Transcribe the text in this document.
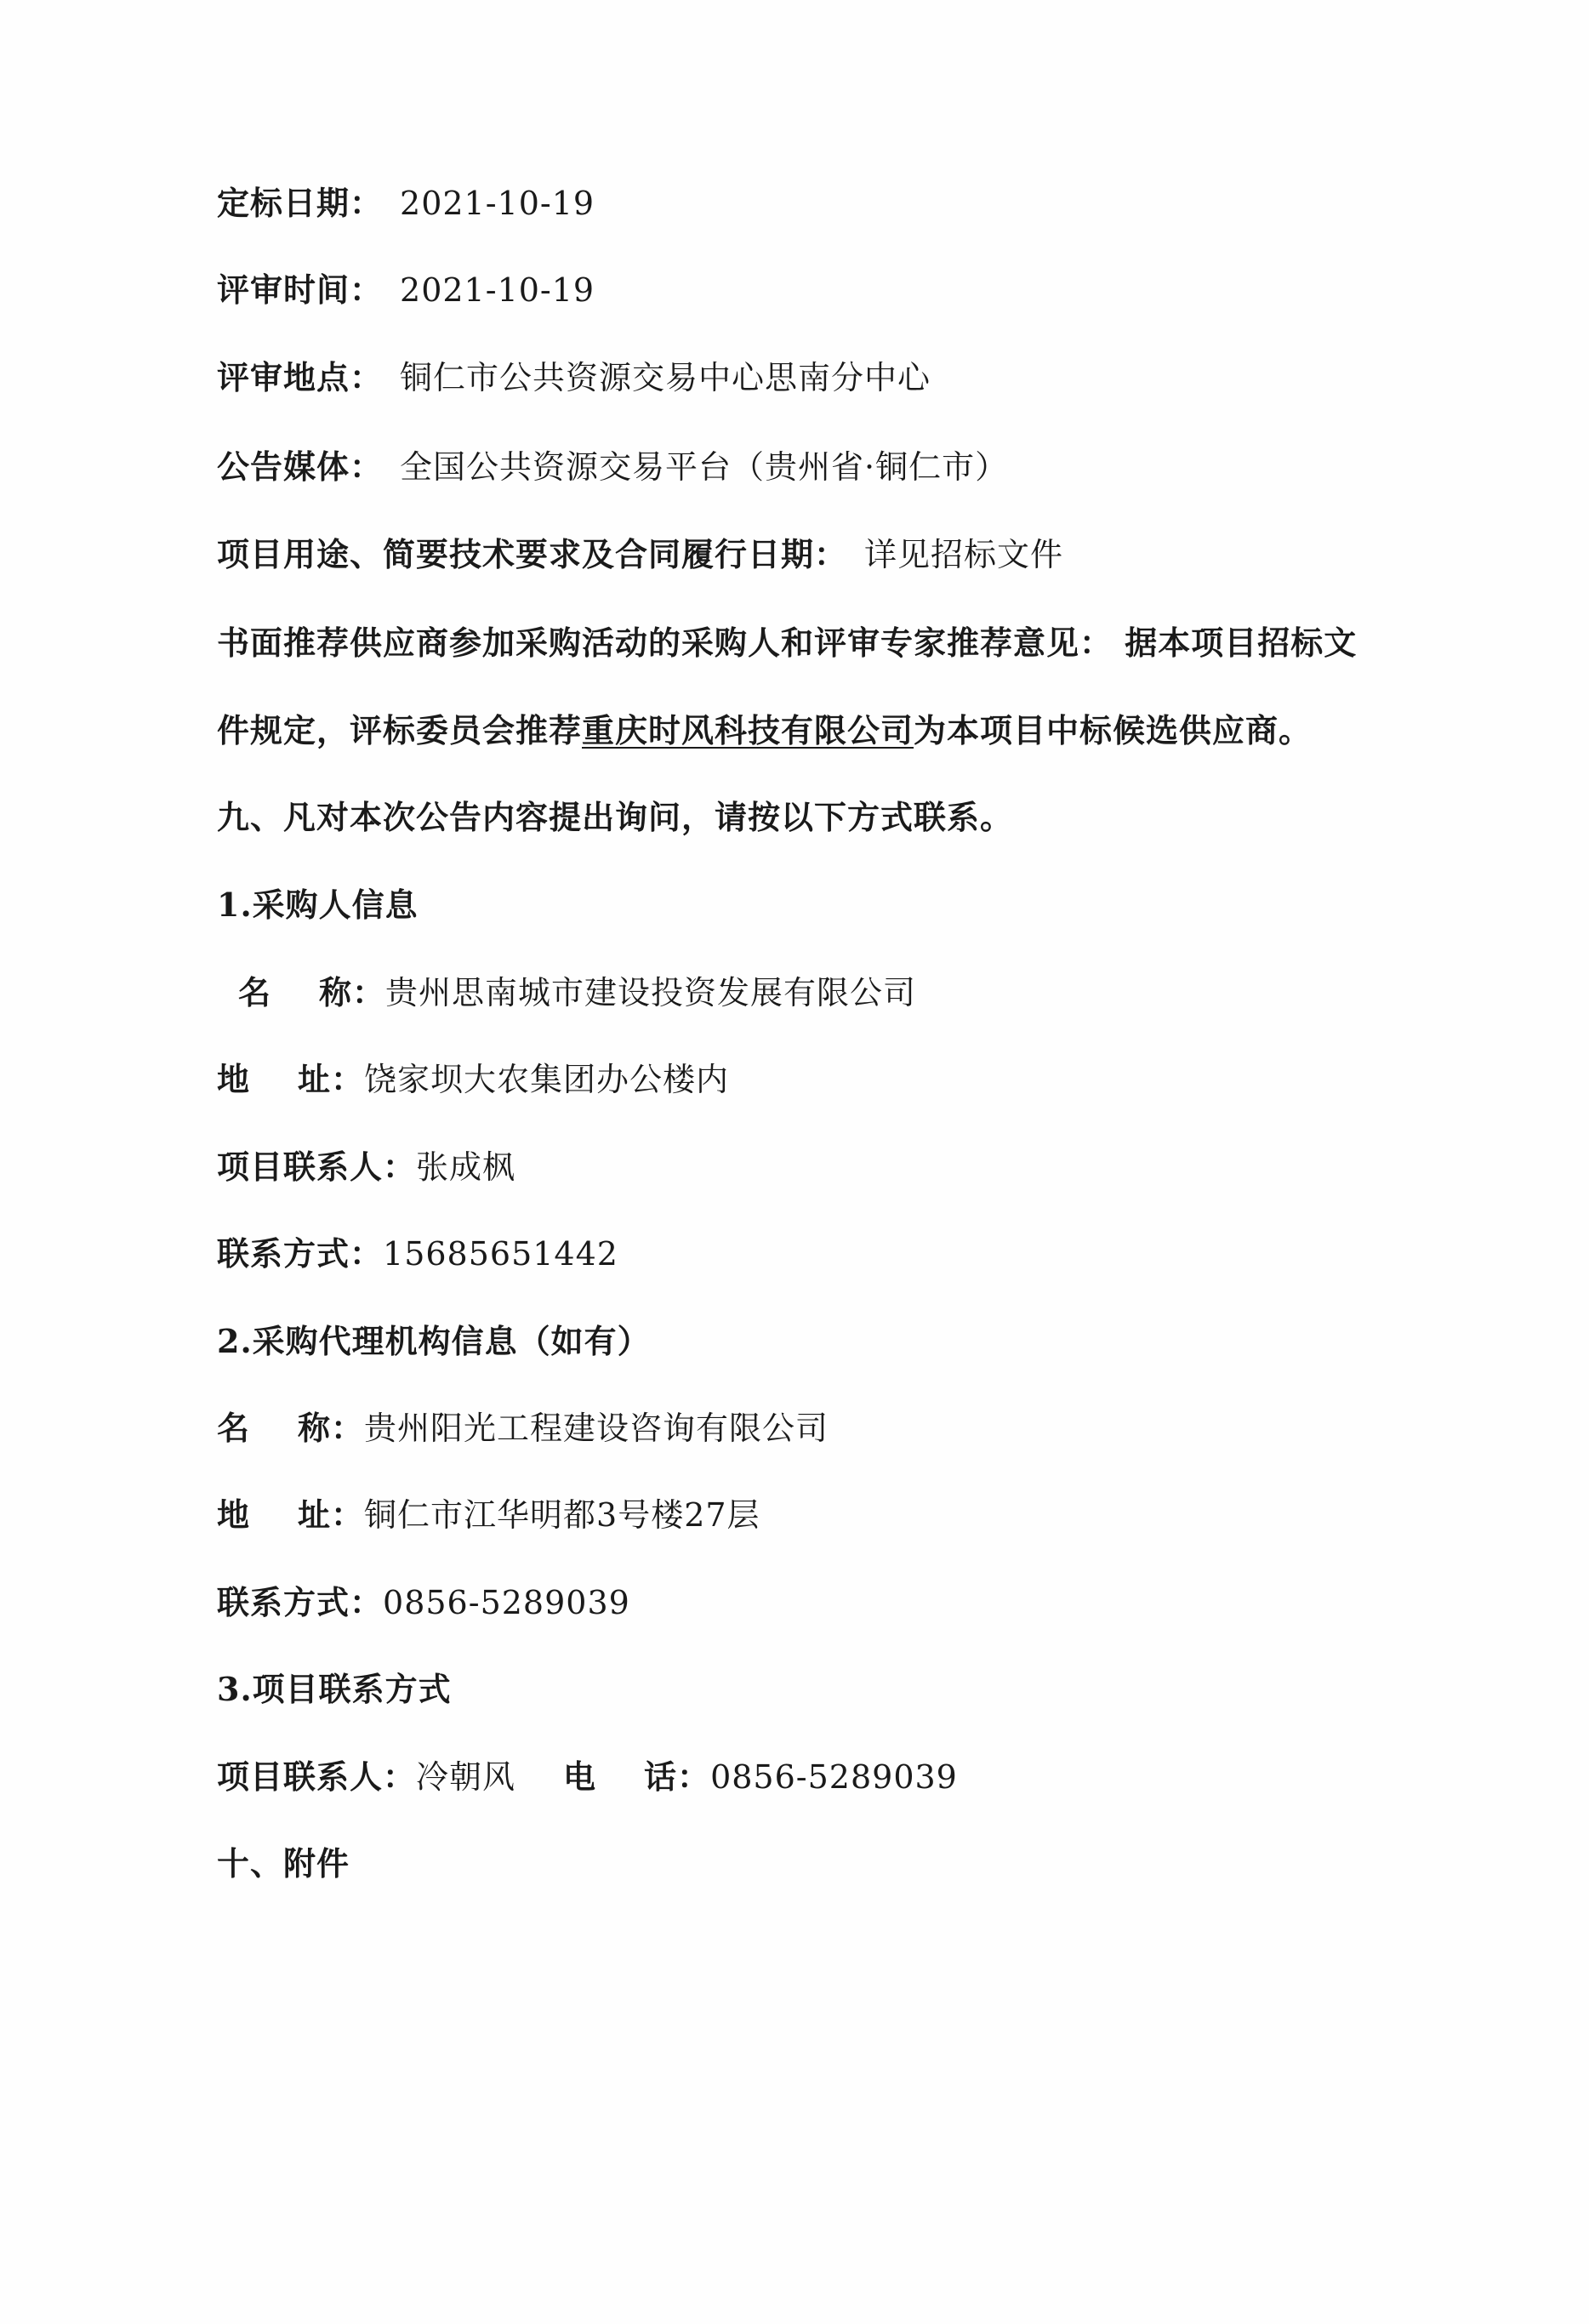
定标日期： 2021-10-19
评审时间： 2021-10-19
评审地点： 铜仁市公共资源交易中心思南分中心
公告媒体： 全国公共资源交易平台（贵州省·铜仁市）
项目用途、简要技术要求及合同履行日期： 详见招标文件
书面推荐供应商参加采购活动的采购人和评审专家推荐意见： 据本项目招标文
件规定，评标委员会推荐重庆时风科技有限公司为本项目中标候选供应商。
九、凡对本次公告内容提出询问，请按以下方式联系。
1.采购人信息
名 称：贵州思南城市建设投资发展有限公司
地 址：饶家坝大农集团办公楼内
项目联系人：张成枫
联系方式：15685651442
2.采购代理机构信息（如有）
名 称：贵州阳光工程建设咨询有限公司
地 址：铜仁市江华明都3号楼27层
联系方式：0856-5289039
3.项目联系方式
项目联系人：冷朝风 电 话：0856-5289039
十、附件
